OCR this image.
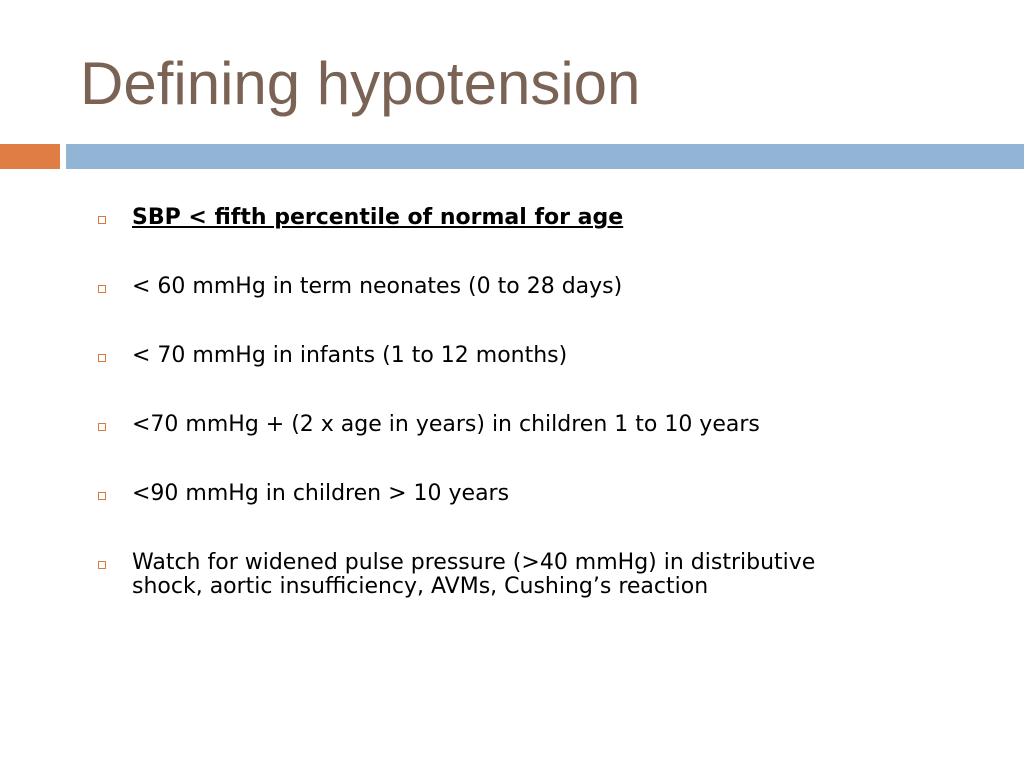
Defining hypotension
SBP < fifth percentile of normal for age
< 60 mmHg in term neonates (0 to 28 days)
< 70 mmHg in infants (1 to 12 months)
<70 mmHg + (2 x age in years) in children 1 to 10 years
<90 mmHg in children > 10 years
Watch for widened pulse pressure (>40 mmHg) in distributive shock, aortic insufficiency, AVMs, Cushing’s reaction
